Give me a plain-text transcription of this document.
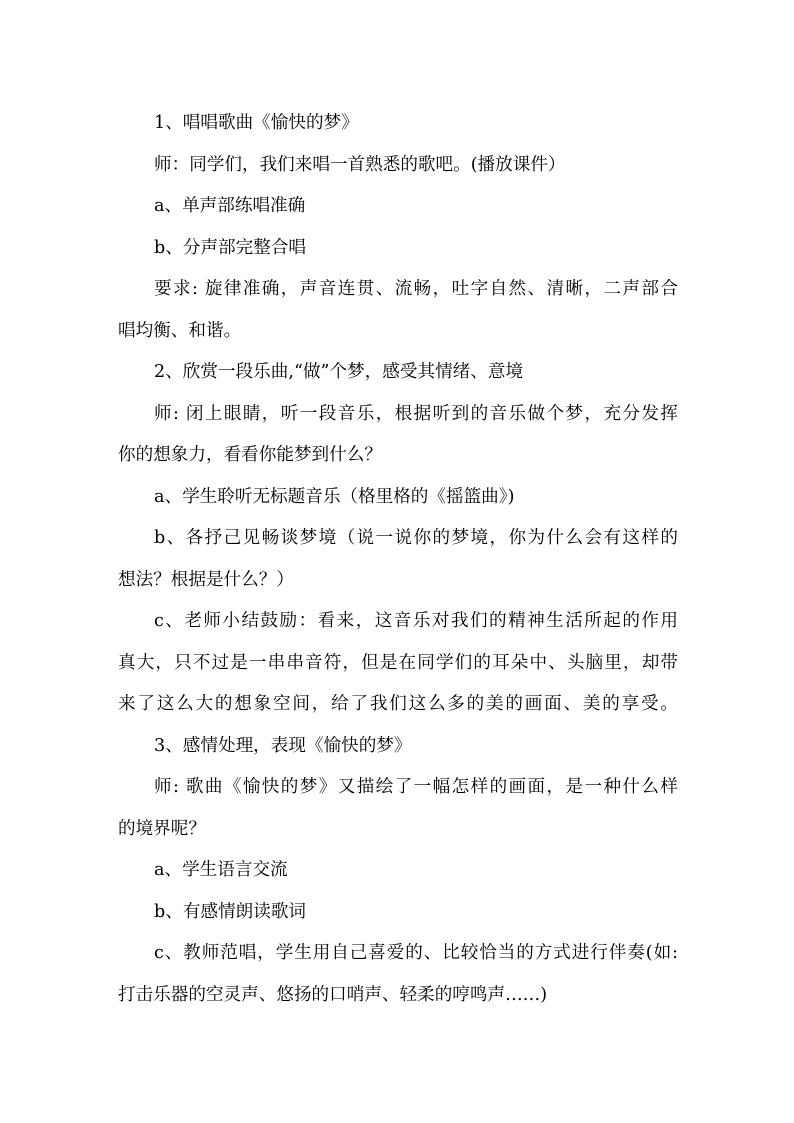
1、唱唱歌曲《愉快的梦》
师：同学们，我们来唱一首熟悉的歌吧。(播放课件）
a、单声部练唱准确
b、分声部完整合唱
要求: 旋律准确，声音连贯、流畅，吐字自然、清晰，二声部合
唱均衡、和谐。
2、欣赏一段乐曲,“做”个梦，感受其情绪、意境
师: 闭上眼睛，听一段音乐，根据听到的音乐做个梦，充分发挥
你的想象力，看看你能梦到什么？
a、学生聆听无标题音乐（格里格的《摇篮曲》)
b、各抒己见畅谈梦境（说一说你的梦境，你为什么会有这样的
想法？根据是什么？）
c、老师小结鼓励：看来，这音乐对我们的精神生活所起的作用
真大，只不过是一串串音符，但是在同学们的耳朵中、头脑里，却带
来了这么大的想象空间，给了我们这么多的美的画面、美的享受。
3、感情处理，表现《愉快的梦》
师: 歌曲《愉快的梦》又描绘了一幅怎样的画面，是一种什么样
的境界呢？
a、学生语言交流
b、有感情朗读歌词
c、教师范唱，学生用自己喜爱的、比较恰当的方式进行伴奏(如:
打击乐器的空灵声、悠扬的口哨声、轻柔的哼鸣声……)
